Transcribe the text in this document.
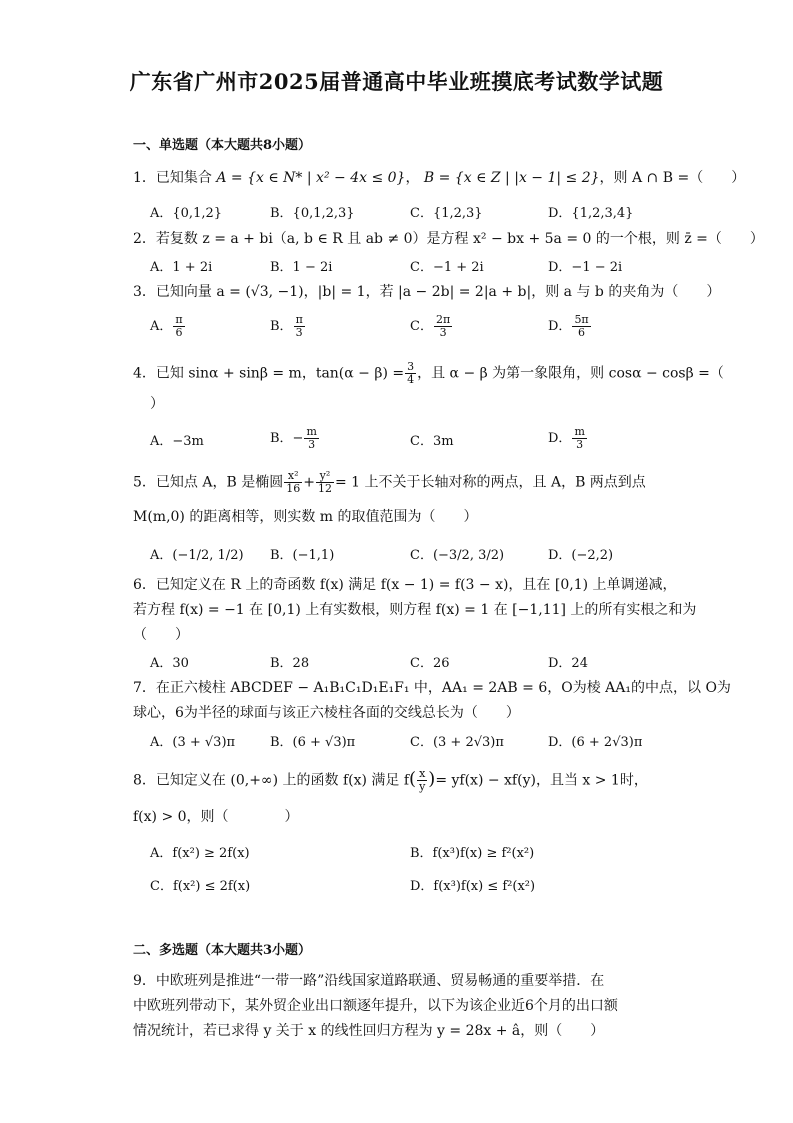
广东省广州市2025届普通高中毕业班摸底考试数学试题
一、单选题（本大题共8小题）
1．已知集合 A = {x ∈ N* | x² − 4x ≤ 0}， B = {x ∈ Z | |x − 1| ≤ 2}，则 A ∩ B =（　　）
A．{0,1,2}	B．{0,1,2,3}	C．{1,2,3}	D．{1,2,3,4}
2．若复数 z = a + bi（a, b ∈ R 且 ab ≠ 0）是方程 x² − bx + 5a = 0 的一个根，则 z̄ =（　　）
A．1 + 2i	B．1 − 2i	C．−1 + 2i	D．−1 − 2i
3．已知向量 a = (√3, −1)，|b| = 1，若 |a − 2b| = 2|a + b|，则 a 与 b 的夹角为（　　）
A． $\frac{\pi}{6}$	B． $\frac{\pi}{3}$	C． $\frac{2\pi}{3}$	D． $\frac{5\pi}{6}$
4．已知 sinα + sinβ = m，$\tan(\alpha - \beta) = \frac{3}{4}$ ，且 α − β 为第一象限角，则 cosα − cosβ =（
）
A．−3m	B．− $\frac{m}{3}$	C．3m	D． $\frac{m}{3}$
5．已知点 A，B 是椭圆 $\frac{\text{x²}}{16} + \frac{\text{y²}}{12} = 1$ 上不关于长轴对称的两点，且 A，B 两点到点
M(m,0) 的距离相等，则实数 m 的取值范围为（　　）
A．(−1/2, 1/2) B．(−1,1)	C．(−3/2, 3/2)	D．(−2,2)
6．已知定义在 R 上的奇函数 f(x) 满足 f(x − 1) = f(3 − x)，且在 [0,1) 上单调递减，
若方程 f(x) = −1 在 [0,1) 上有实数根，则方程 f(x) = 1 在 [−1,11] 上的所有实根之和为
（　　）
A．30	B．28	C．26	D．24
7．在正六棱柱 ABCDEF − A₁B₁C₁D₁E₁F₁ 中，AA₁ = 2AB = 6，O为棱 AA₁的中点，以 O为
球心，6为半径的球面与该正六棱柱各面的交线总长为（　　）
A．(3 + √3)π	B．(6 + √3)π	C．(3 + 2√3)π	D．(6 + 2√3)π
8．已知定义在 (0,+∞) 上的函数 f(x) 满足 $f( \frac{x}{y}$ )= yf(x) − xf(y)，且当 x > 1时，
f(x) > 0，则（　　　　）
A．f(x²) ≥ 2f(x)	B．f(x³)f(x) ≥ f²(x²)
C．f(x²) ≤ 2f(x)	D．f(x³)f(x) ≤ f²(x²)
二、多选题（本大题共3小题）
9．中欧班列是推进“一带一路”沿线国家道路联通、贸易畅通的重要举措．在
中欧班列带动下，某外贸企业出口额逐年提升，以下为该企业近6个月的出口额
情况统计，若已求得 y 关于 x 的线性回归方程为 y = 28x + â，则（　　）
